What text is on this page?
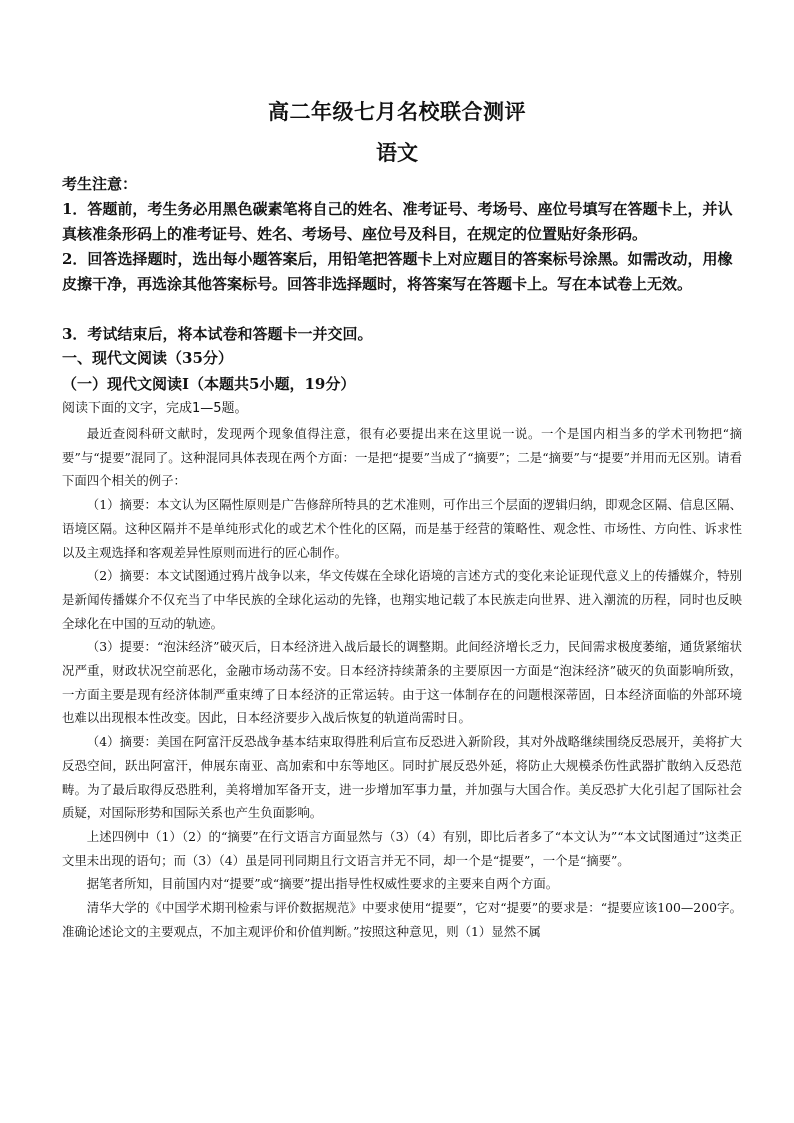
高二年级七月名校联合测评
语文
考生注意：
1．答题前，考生务必用黑色碳素笔将自己的姓名、准考证号、考场号、座位号填写在答题卡上，并认真核准条形码上的准考证号、姓名、考场号、座位号及科目，在规定的位置贴好条形码。
2．回答选择题时，选出每小题答案后，用铅笔把答题卡上对应题目的答案标号涂黑。如需改动，用橡皮擦干净，再选涂其他答案标号。回答非选择题时，将答案写在答题卡上。写在本试卷上无效。
3．考试结束后，将本试卷和答题卡一并交回。
一、现代文阅读（35分）
（一）现代文阅读Ⅰ（本题共5小题，19分）
阅读下面的文字，完成1—5题。

最近查阅科研文献时，发现两个现象值得注意，很有必要提出来在这里说一说。一个是国内相当多的学术刊物把“摘要”与“提要”混同了。这种混同具体表现在两个方面：一是把“提要”当成了“摘要”；二是“摘要”与“提要”并用而无区别。请看下面四个相关的例子：

（1）摘要：本文认为区隔性原则是广告修辞所特具的艺术准则，可作出三个层面的逻辑归纳，即观念区隔、信息区隔、语境区隔。这种区隔并不是单纯形式化的或艺术个性化的区隔，而是基于经营的策略性、观念性、市场性、方向性、诉求性以及主观选择和客观差异性原则而进行的匠心制作。

（2）摘要：本文试图通过鸦片战争以来，华文传媒在全球化语境的言述方式的变化来论证现代意义上的传播媒介，特别是新闻传播媒介不仅充当了中华民族的全球化运动的先锋，也翔实地记载了本民族走向世界、进入潮流的历程，同时也反映全球化在中国的互动的轨迹。

（3）提要：“泡沫经济”破灭后，日本经济进入战后最长的调整期。此间经济增长乏力，民间需求极度萎缩，通货紧缩状况严重，财政状况空前恶化，金融市场动荡不安。日本经济持续萧条的主要原因一方面是“泡沫经济”破灭的负面影响所致，一方面主要是现有经济体制严重束缚了日本经济的正常运转。由于这一体制存在的问题根深蒂固，日本经济面临的外部环境也难以出现根本性改变。因此，日本经济要步入战后恢复的轨道尚需时日。

（4）摘要：美国在阿富汗反恐战争基本结束取得胜利后宣布反恐进入新阶段，其对外战略继续围绕反恐展开，美将扩大反恐空间，跃出阿富汗，伸展东南亚、高加索和中东等地区。同时扩展反恐外延，将防止大规模杀伤性武器扩散纳入反恐范畴。为了最后取得反恐胜利，美将增加军备开支，进一步增加军事力量，并加强与大国合作。美反恐扩大化引起了国际社会质疑，对国际形势和国际关系也产生负面影响。

上述四例中（1）（2）的“摘要”在行文语言方面显然与（3）（4）有别，即比后者多了“本文认为”“本文试图通过”这类正文里未出现的语句；而（3）（4）虽是同刊同期且行文语言并无不同，却一个是“提要”，一个是“摘要”。

据笔者所知，目前国内对“提要”或“摘要”提出指导性权威性要求的主要来自两个方面。

清华大学的《中国学术期刊检索与评价数据规范》中要求使用“提要”，它对“提要”的要求是：“提要应该100—200字。准确论述论文的主要观点，不加主观评价和价值判断。”按照这种意见，则（1）显然不属
